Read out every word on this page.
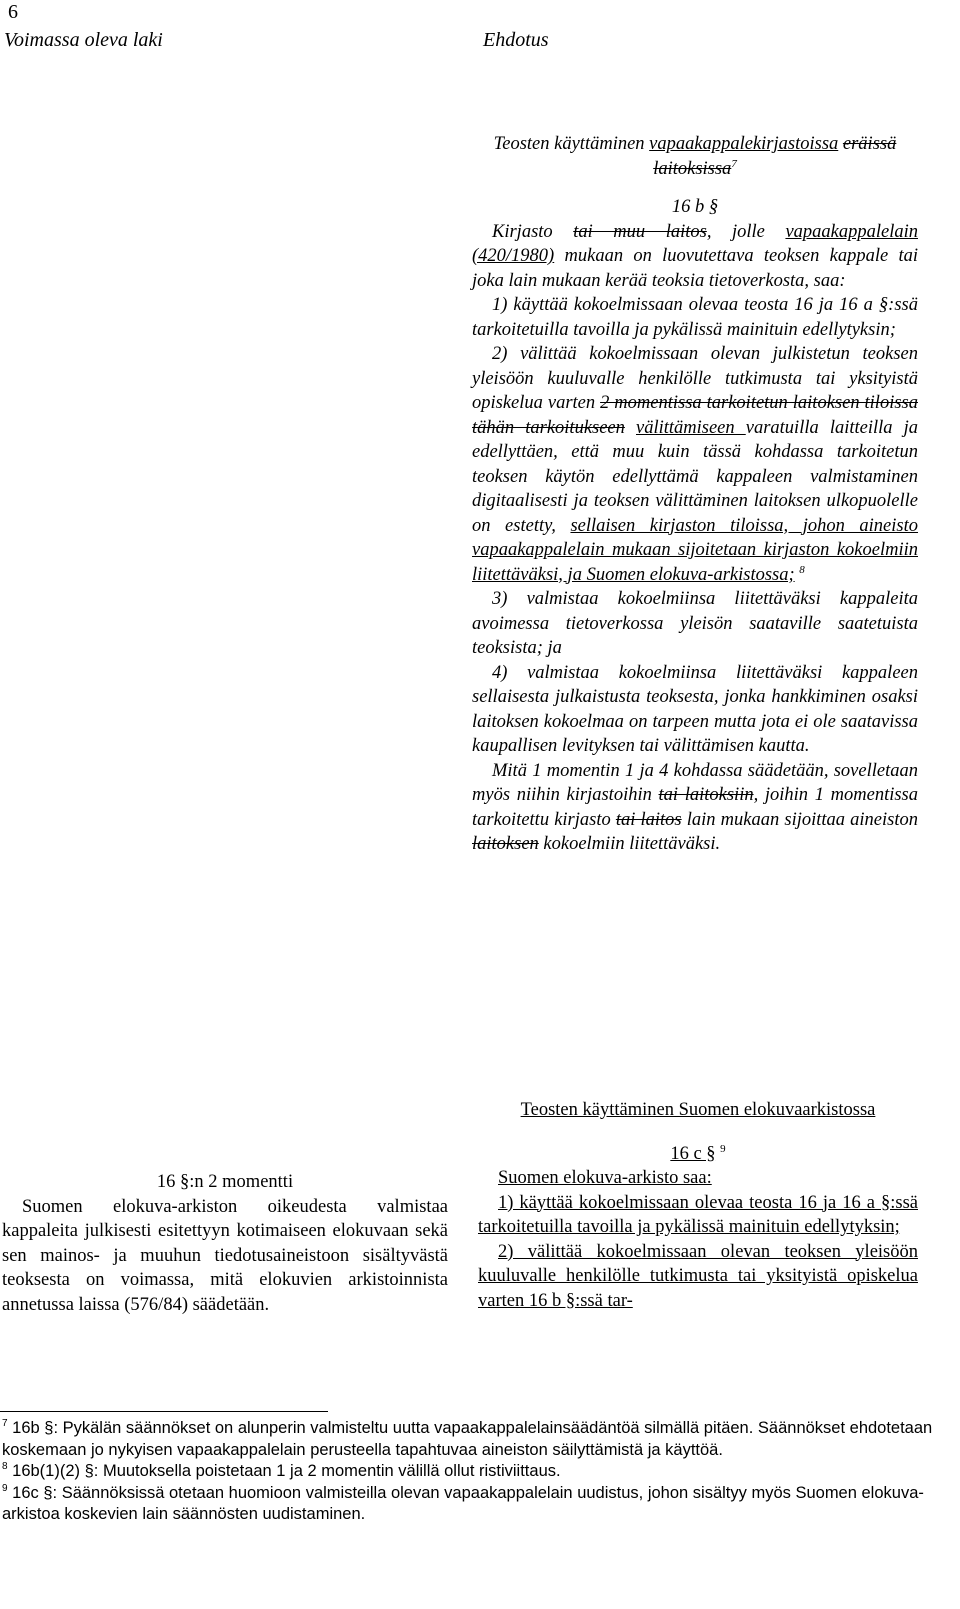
6
Voimassa oleva laki	Ehdotus

Teosten käyttäminen vapaakappalekirjastoissa eräissä laitoksissa$^7$

16 b §

Kirjasto tai muu laitos, jolle vapaakappalelain (420/1980) mukaan on luovutettava teoksen kappale tai joka lain mukaan kerää teoksia tietoverkosta, saa:

1) käyttää kokoelmissaan olevaa teosta 16 ja 16 a §:ssä tarkoitetuilla tavoilla ja pykälissä mainituin edellytyksin;

2) välittää kokoelmissaan olevan julkistetun teoksen yleisöön kuuluvalle henkilölle tutkimusta tai yksityistä opiskelua varten 2 momentissa tarkoitetun laitoksen tiloissa tähän tarkoitukseen välittämiseen varatuilla laitteilla ja edellyttäen, että muu kuin tässä kohdassa tarkoitetun teoksen käytön edellyttämä kappaleen valmistaminen digitaalisesti ja teoksen välittäminen laitoksen ulkopuolelle on estetty, sellaisen kirjaston tiloissa, johon aineisto vapaakappalelain mukaan sijoitetaan kirjaston kokoelmiin liitettäväksi, ja Suomen elokuva-arkistossa; $^8$

3) valmistaa kokoelmiinsa liitettäväksi kappaleita avoimessa tietoverkossa yleisön saataville saatetuista teoksista; ja

4) valmistaa kokoelmiinsa liitettäväksi kappaleen sellaisesta julkaistusta teoksesta, jonka hankkiminen osaksi laitoksen kokoelmaa on tarpeen mutta jota ei ole saatavissa kaupallisen levityksen tai välittämisen kautta.

Mitä 1 momentin 1 ja 4 kohdassa säädetään, sovelletaan myös niihin kirjastoihin tai laitoksiin, joihin 1 momentissa tarkoitettu kirjasto tai laitos lain mukaan sijoittaa aineiston laitoksen kokoelmiin liitettäväksi.

Teosten käyttäminen Suomen elokuvaarkistossa

16 c § $^9$

Suomen elokuva-arkisto saa:

1) käyttää kokoelmissaan olevaa teosta 16 ja 16 a §:ssä tarkoitetuilla tavoilla ja pykälissä mainituin edellytyksin;

2) välittää kokoelmissaan olevan teoksen yleisöön kuuluvalle henkilölle tutkimusta tai yksityistä opiskelua varten 16 b §:ssä tar-

16 §:n 2 momentti

Suomen elokuva-arkiston oikeudesta valmistaa kappaleita julkisesti esitettyyn kotimaiseen elokuvaan sekä sen mainos- ja muuhun tiedotusaineistoon sisältyvästä teoksesta on voimassa, mitä elokuvien arkistoinnista annetussa laissa (576/84) säädetään.

$^7$ 16b §: Pykälän säännökset on alunperin valmisteltu uutta vapaakappalelainsäädäntöä silmällä pitäen. Säännökset ehdotetaan koskemaan jo nykyisen vapaakappalelain perusteella tapahtuvaa aineiston säilyttämistä ja käyttöä.

$^8$ 16b(1)(2) §: Muutoksella poistetaan 1 ja 2 momentin välillä ollut ristiviittaus.

$^9$ 16c §: Säännöksissä otetaan huomioon valmisteilla olevan vapaakappalelain uudistus, johon sisältyy myös Suomen elokuva-arkistoa koskevien lain säännösten uudistaminen.
